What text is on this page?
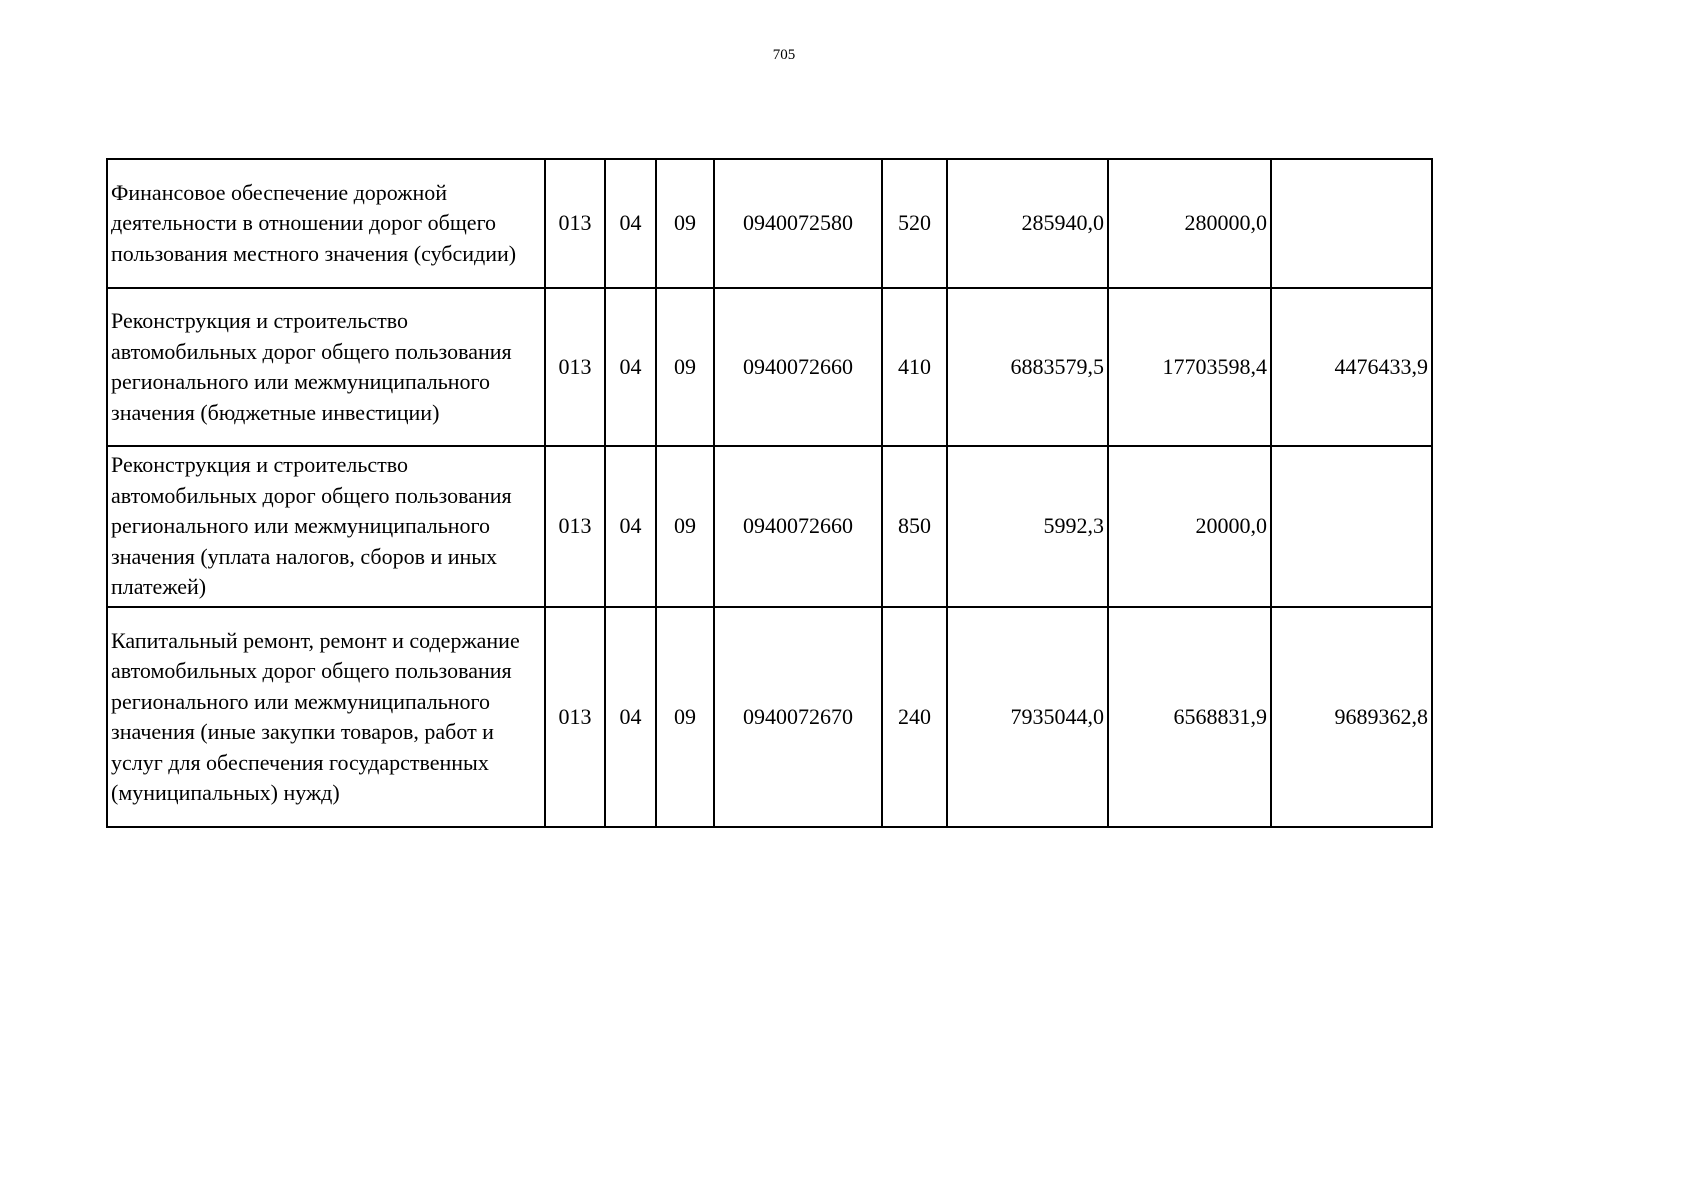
705
Финансовое обеспечение дорожной деятельности в отношении дорог общего пользования местного значения (субсидии)	013	04	09	0940072580	520	285940,0	280000,0	
Реконструкция и строительство автомобильных дорог общего пользования регионального или межмуниципального значения (бюджетные инвестиции)	013	04	09	0940072660	410	6883579,5	17703598,4	4476433,9
Реконструкция и строительство автомобильных дорог общего пользования регионального или межмуниципального значения (уплата налогов, сборов и иных платежей)	013	04	09	0940072660	850	5992,3	20000,0	
Капитальный ремонт, ремонт и содержание автомобильных дорог общего пользования регионального или межмуниципального значения (иные закупки товаров, работ и услуг для обеспечения государственных (муниципальных) нужд)	013	04	09	0940072670	240	7935044,0	6568831,9	9689362,8
